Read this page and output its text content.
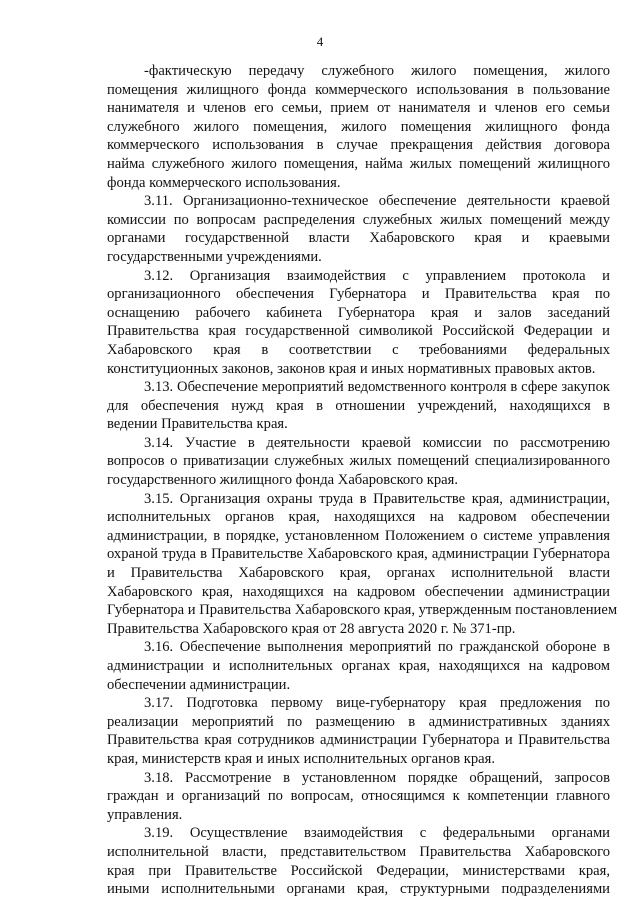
4
-фактическую передачу служебного жилого помещения, жилого
помещения жилищного фонда коммерческого использования в пользование
нанимателя и членов его семьи, прием от нанимателя и членов его семьи
служебного жилого помещения, жилого помещения жилищного фонда
коммерческого использования в случае прекращения действия договора
найма служебного жилого помещения, найма жилых помещений жилищного
фонда коммерческого использования.
3.11. Организационно-техническое обеспечение деятельности краевой
комиссии по вопросам распределения служебных жилых помещений между
органами государственной власти Хабаровского края и краевыми
государственными учреждениями.
3.12. Организация взаимодействия с управлением протокола и
организационного обеспечения Губернатора и Правительства края по
оснащению рабочего кабинета Губернатора края и залов заседаний
Правительства края государственной символикой Российской Федерации и
Хабаровского края в соответствии с требованиями федеральных
конституционных законов, законов края и иных нормативных правовых актов.
3.13. Обеспечение мероприятий ведомственного контроля в сфере закупок
для обеспечения нужд края в отношении учреждений, находящихся в
ведении Правительства края.
3.14. Участие в деятельности краевой комиссии по рассмотрению
вопросов о приватизации служебных жилых помещений специализированного
государственного жилищного фонда Хабаровского края.
3.15. Организация охраны труда в Правительстве края, администрации,
исполнительных органов края, находящихся на кадровом обеспечении
администрации, в порядке, установленном Положением о системе управления
охраной труда в Правительстве Хабаровского края, администрации Губернатора
и Правительства Хабаровского края, органах исполнительной власти
Хабаровского края, находящихся на кадровом обеспечении администрации
Губернатора и Правительства Хабаровского края, утвержденным постановлением
Правительства Хабаровского края от 28 августа 2020 г. № 371-пр.
3.16. Обеспечение выполнения мероприятий по гражданской обороне в
администрации и исполнительных органах края, находящихся на кадровом
обеспечении администрации.
3.17. Подготовка первому вице-губернатору края предложения по
реализации мероприятий по размещению в административных зданиях
Правительства края сотрудников администрации Губернатора и Правительства
края, министерств края и иных исполнительных органов края.
3.18. Рассмотрение в установленном порядке обращений, запросов
граждан и организаций по вопросам, относящимся к компетенции главного
управления.
3.19. Осуществление взаимодействия с федеральными органами
исполнительной власти, представительством Правительства Хабаровского
края при Правительстве Российской Федерации, министерствами края,
иными исполнительными органами края, структурными подразделениями
